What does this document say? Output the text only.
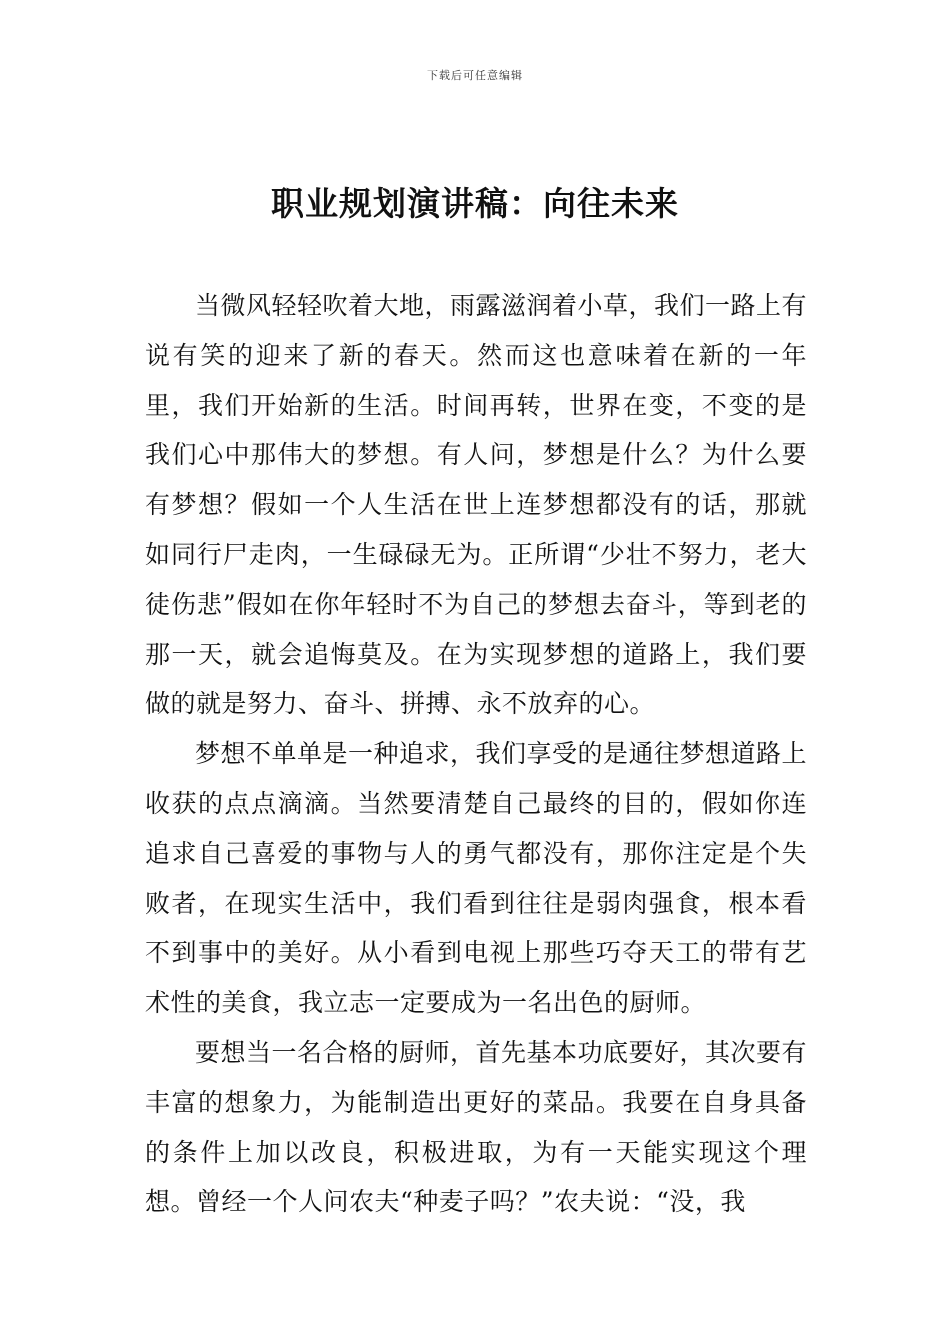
下载后可任意编辑
职业规划演讲稿：向往未来

当微风轻轻吹着大地，雨露滋润着小草，我们一路上有说有笑的迎来了新的春天。然而这也意味着在新的一年里，我们开始新的生活。时间再转，世界在变，不变的是我们心中那伟大的梦想。有人问，梦想是什么？为什么要有梦想？假如一个人生活在世上连梦想都没有的话，那就如同行尸走肉，一生碌碌无为。正所谓“少壮不努力，老大徒伤悲”假如在你年轻时不为自己的梦想去奋斗，等到老的那一天，就会追悔莫及。在为实现梦想的道路上，我们要做的就是努力、奋斗、拼搏、永不放弃的心。

梦想不单单是一种追求，我们享受的是通往梦想道路上收获的点点滴滴。当然要清楚自己最终的目的，假如你连追求自己喜爱的事物与人的勇气都没有，那你注定是个失败者，在现实生活中，我们看到往往是弱肉强食，根本看不到事中的美好。从小看到电视上那些巧夺天工的带有艺术性的美食，我立志一定要成为一名出色的厨师。

要想当一名合格的厨师，首先基本功底要好，其次要有丰富的想象力，为能制造出更好的菜品。我要在自身具备的条件上加以改良，积极进取，为有一天能实现这个理想。曾经一个人问农夫“种麦子吗？”农夫说：“没，我
